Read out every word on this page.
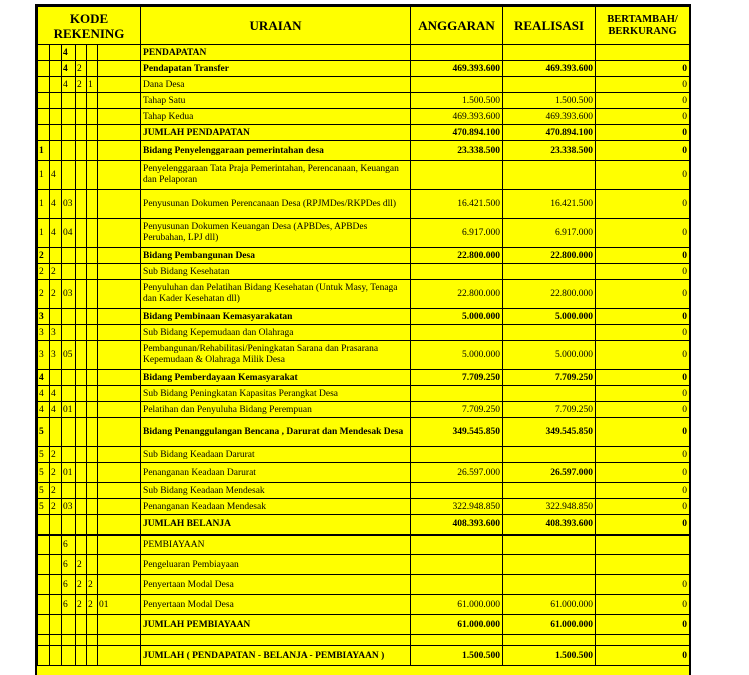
KODE REKENING						URAIAN	ANGGARAN	REALISASI	BERTAMBAH/ BERKURANG
		4				PENDAPATAN			
		4	2			Pendapatan Transfer	469.393.600	469.393.600	0
		4	2	1		Dana Desa			0
						Tahap Satu	1.500.500	1.500.500	0
						Tahap Kedua	469.393.600	469.393.600	0
						JUMLAH PENDAPATAN	470.894.100	470.894.100	0
1						Bidang Penyelenggaraan pemerintahan desa	23.338.500	23.338.500	0
1	4					Penyelenggaraan Tata Praja Pemerintahan, Perencanaan, Keuangan dan Pelaporan			0
1	4	03				Penyusunan Dokumen Perencanaan Desa (RPJMDes/RKPDes dll)	16.421.500	16.421.500	0
1	4	04				Penyusunan Dokumen Keuangan Desa (APBDes, APBDes Perubahan, LPJ dll)	6.917.000	6.917.000	0
2						Bidang Pembangunan Desa	22.800.000	22.800.000	0
2	2					Sub Bidang Kesehatan			0
2	2	03				Penyuluhan dan Pelatihan Bidang Kesehatan (Untuk Masy, Tenaga dan Kader Kesehatan dll)	22.800.000	22.800.000	0
3						Bidang Pembinaan Kemasyarakatan	5.000.000	5.000.000	0
3	3					Sub Bidang Kepemudaan dan Olahraga			0
3	3	05				Pembangunan/Rehabilitasi/Peningkatan Sarana dan Prasarana Kepemudaan & Olahraga Milik Desa	5.000.000	5.000.000	0
4						Bidang Pemberdayaan Kemasyarakat	7.709.250	7.709.250	0
4	4					Sub Bidang Peningkatan Kapasitas Perangkat Desa			0
4	4	01				Pelatihan dan Penyuluha Bidang Perempuan	7.709.250	7.709.250	0
5						Bidang Penanggulangan Bencana , Darurat dan Mendesak Desa	349.545.850	349.545.850	0
5	2					Sub Bidang Keadaan Darurat			0
5	2	01				Penanganan Keadaan Darurat	26.597.000	26.597.000	0
5	2					Sub Bidang Keadaan Mendesak			0
5	2	03				Penanganan Keadaan Mendesak	322.948.850	322.948.850	0
						JUMLAH BELANJA	408.393.600	408.393.600	0
		6				PEMBIAYAAN			
		6	2			Pengeluaran Pembiayaan			
		6	2	2		Penyertaan Modal Desa			0
		6	2	2	01	Penyertaan Modal Desa	61.000.000	61.000.000	0
						JUMLAH PEMBIAYAAN	61.000.000	61.000.000	0

						JUMLAH ( PENDAPATAN - BELANJA - PEMBIAYAAN )	1.500.500	1.500.500	0
